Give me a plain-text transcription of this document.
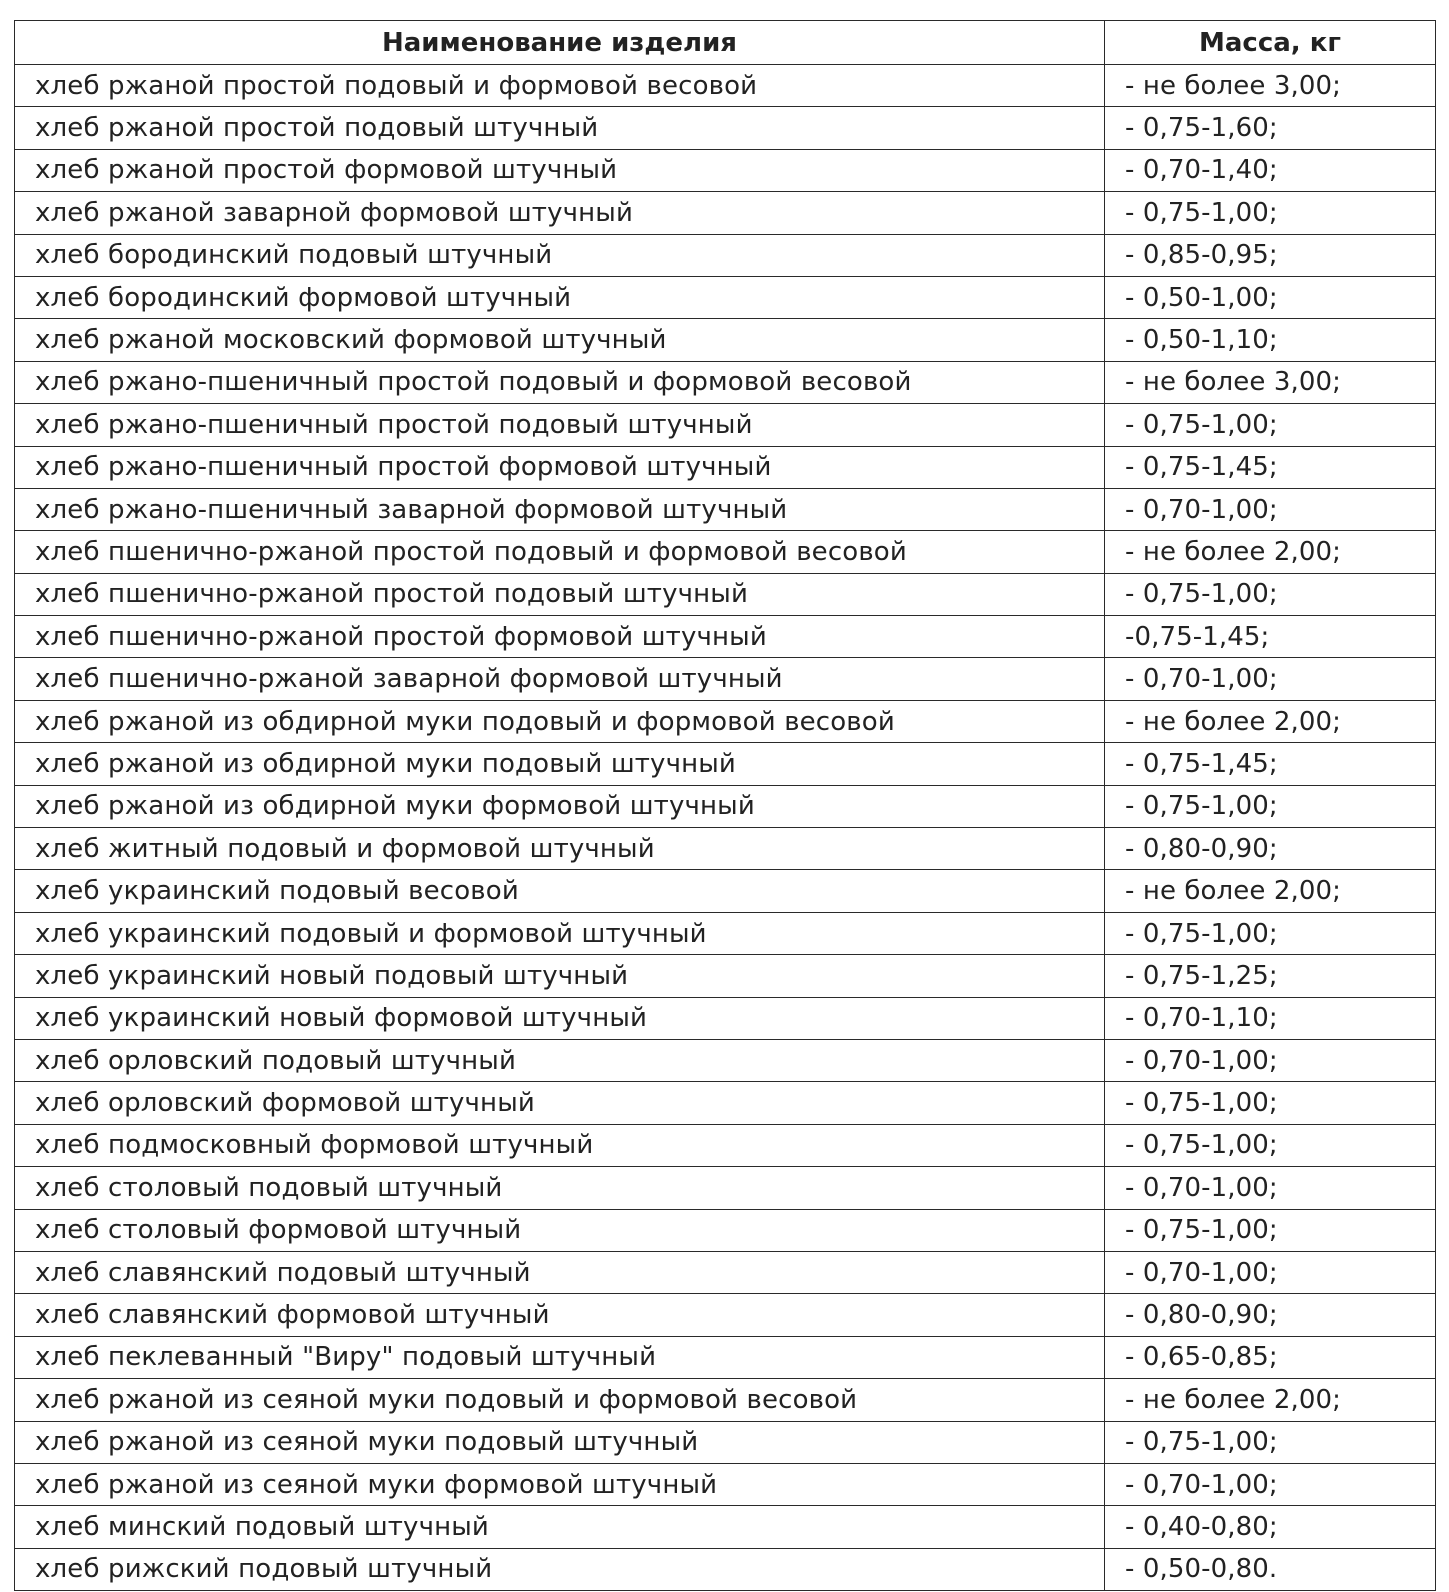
Наименование изделия	Масса, кг
хлеб ржаной простой подовый и формовой весовой	- не более 3,00;
хлеб ржаной простой подовый штучный	- 0,75-1,60;
хлеб ржаной простой формовой штучный	- 0,70-1,40;
хлеб ржаной заварной формовой штучный	- 0,75-1,00;
хлеб бородинский подовый штучный	- 0,85-0,95;
хлеб бородинский формовой штучный	- 0,50-1,00;
хлеб ржаной московский формовой штучный	- 0,50-1,10;
хлеб ржано-пшеничный простой подовый и формовой весовой	- не более 3,00;
хлеб ржано-пшеничный простой подовый штучный	- 0,75-1,00;
хлеб ржано-пшеничный простой формовой штучный	- 0,75-1,45;
хлеб ржано-пшеничный заварной формовой штучный	- 0,70-1,00;
хлеб пшенично-ржаной простой подовый и формовой весовой	- не более 2,00;
хлеб пшенично-ржаной простой подовый штучный	- 0,75-1,00;
хлеб пшенично-ржаной простой формовой штучный	-0,75-1,45;
хлеб пшенично-ржаной заварной формовой штучный	- 0,70-1,00;
хлеб ржаной из обдирной муки подовый и формовой весовой	- не более 2,00;
хлеб ржаной из обдирной муки подовый штучный	- 0,75-1,45;
хлеб ржаной из обдирной муки формовой штучный	- 0,75-1,00;
хлеб житный подовый и формовой штучный	- 0,80-0,90;
хлеб украинский подовый весовой	- не более 2,00;
хлеб украинский подовый и формовой штучный	- 0,75-1,00;
хлеб украинский новый подовый штучный	- 0,75-1,25;
хлеб украинский новый формовой штучный	- 0,70-1,10;
хлеб орловский подовый штучный	- 0,70-1,00;
хлеб орловский формовой штучный	- 0,75-1,00;
хлеб подмосковный формовой штучный	- 0,75-1,00;
хлеб столовый подовый штучный	- 0,70-1,00;
хлеб столовый формовой штучный	- 0,75-1,00;
хлеб славянский подовый штучный	- 0,70-1,00;
хлеб славянский формовой штучный	- 0,80-0,90;
хлеб пеклеванный "Виру" подовый штучный	- 0,65-0,85;
хлеб ржаной из сеяной муки подовый и формовой весовой	- не более 2,00;
хлеб ржаной из сеяной муки подовый штучный	- 0,75-1,00;
хлеб ржаной из сеяной муки формовой штучный	- 0,70-1,00;
хлеб минский подовый штучный	- 0,40-0,80;
хлеб рижский подовый штучный	- 0,50-0,80.
